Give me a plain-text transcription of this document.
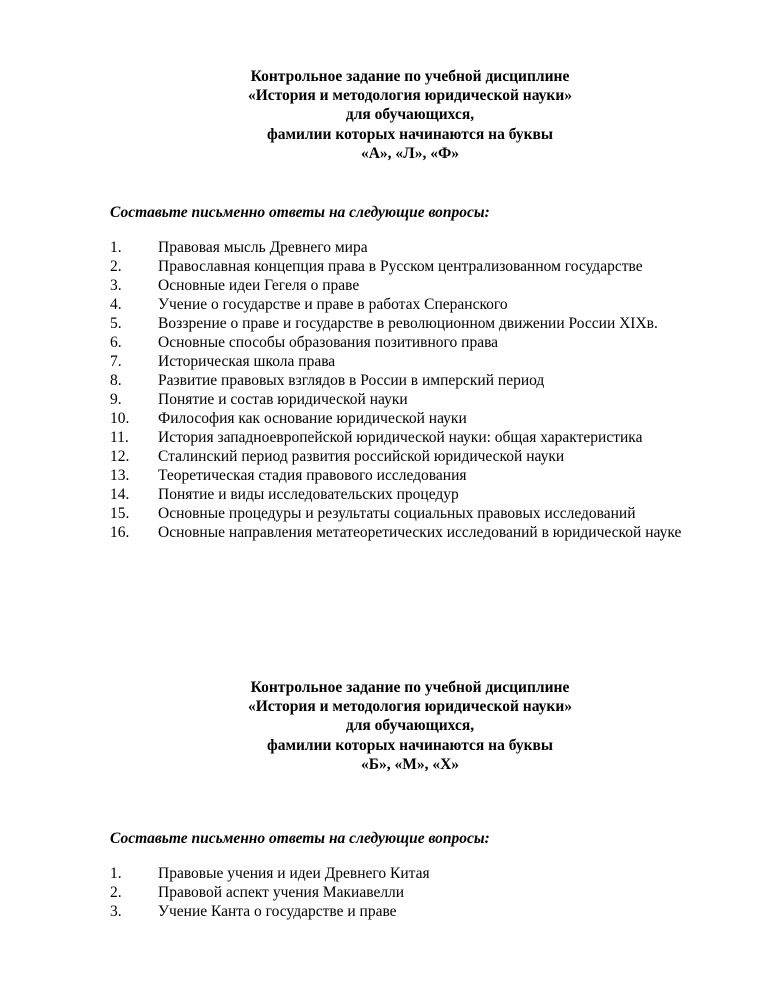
Контрольное задание по учебной дисциплине
«История и методология юридической науки»
для обучающихся,
фамилии которых начинаются на буквы
«А», «Л», «Ф»
Составьте письменно ответы на следующие вопросы:
1.	Правовая мысль Древнего мира
2.	Православная концепция права в Русском централизованном государстве
3.	Основные идеи Гегеля о праве
4.	Учение о государстве и праве в работах Сперанского
5.	Воззрение о праве и государстве в революционном движении России XIXв.
6.	Основные способы образования позитивного права
7.	Историческая школа права
8.	Развитие правовых взглядов в России в имперский период
9.	Понятие и состав юридической науки
10.	Философия как основание юридической науки
11.	История западноевропейской юридической науки: общая характеристика
12.	Сталинский период развития российской юридической науки
13.	Теоретическая стадия правового исследования
14.	Понятие и виды исследовательских процедур
15.	Основные процедуры и результаты социальных правовых исследований
16.	Основные направления метатеоретических исследований в юридической науке
Контрольное задание по учебной дисциплине
«История и методология юридической науки»
для обучающихся,
фамилии которых начинаются на буквы
«Б», «М», «Х»
Составьте письменно ответы на следующие вопросы:
1.	Правовые учения и идеи Древнего Китая
2.	Правовой аспект учения Макиавелли
3.	Учение Канта о государстве и праве
